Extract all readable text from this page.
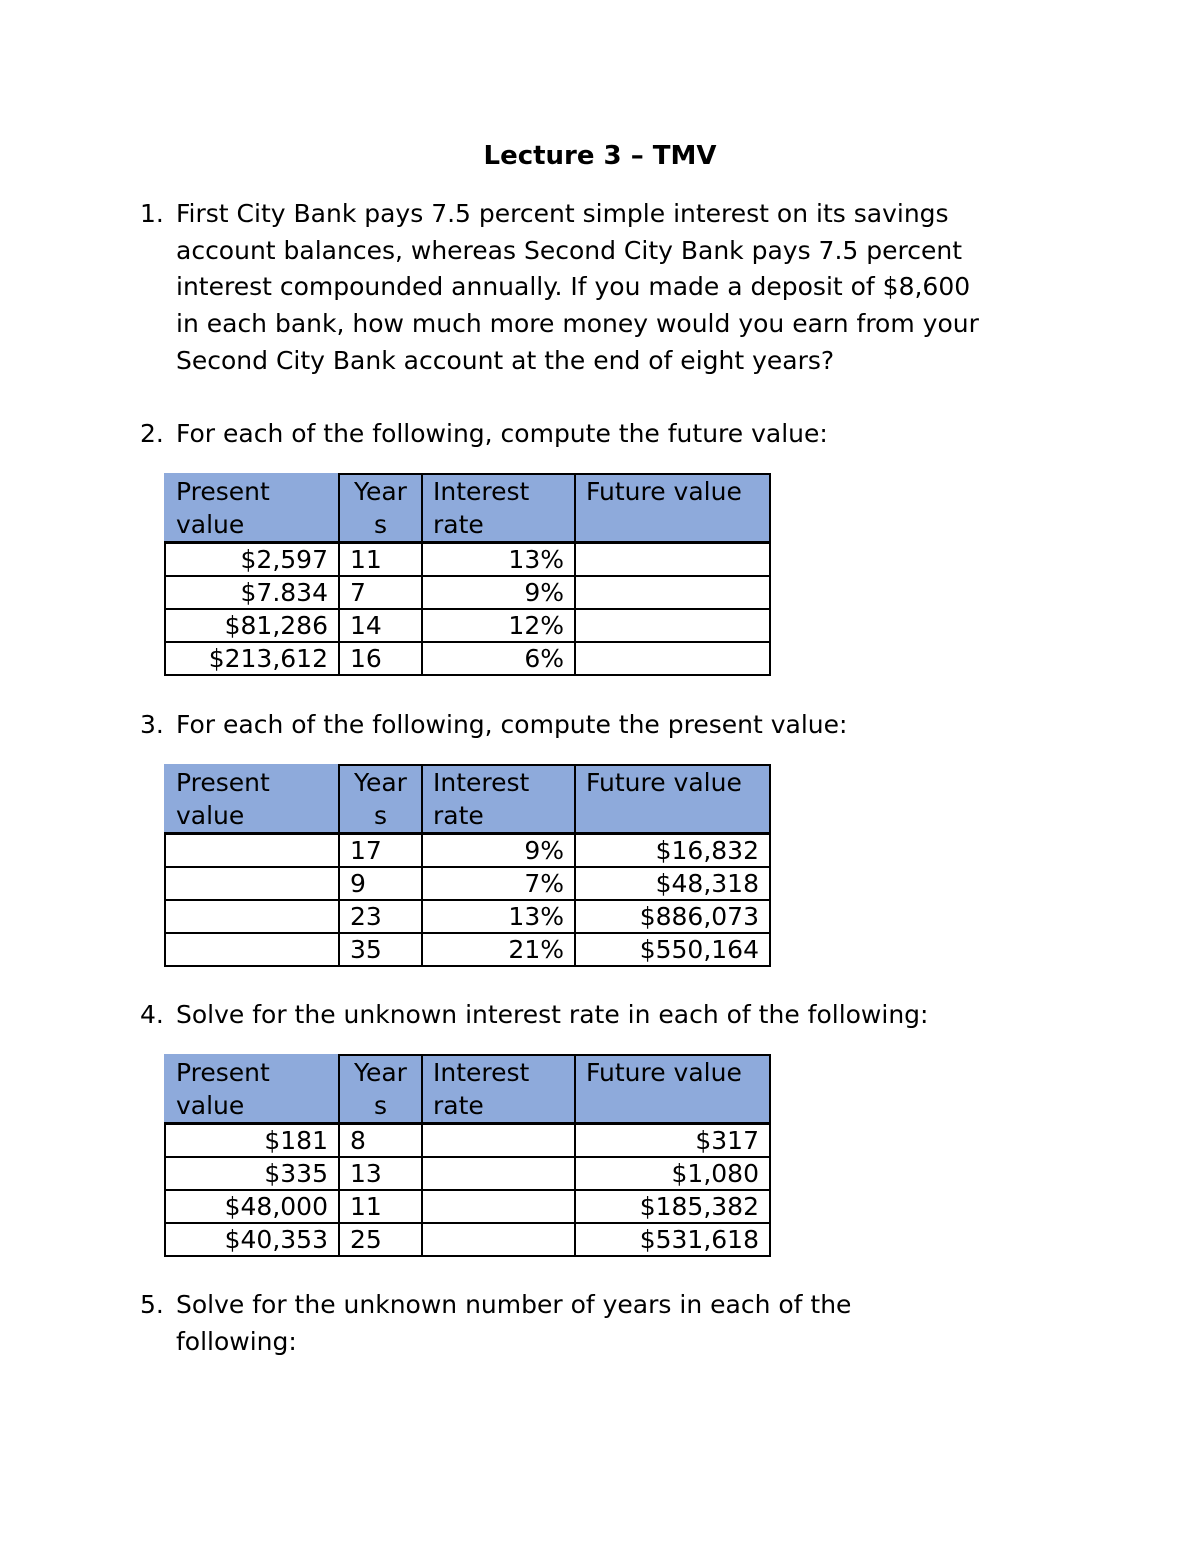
Lecture 3 – TMV
1. First City Bank pays 7.5 percent simple interest on its savings
account balances, whereas Second City Bank pays 7.5 percent
interest compounded annually. If you made a deposit of $8,600
in each bank, how much more money would you earn from your
Second City Bank account at the end of eight years?
2. For each of the following, compute the future value:
Present value	Years	Interest rate	Future value
$2,597	11	13%	
$7.834	7	9%	
$81,286	14	12%	
$213,612	16	6%	
3. For each of the following, compute the present value:
Present value	Years	Interest rate	Future value
	17	9%	$16,832
	9	7%	$48,318
	23	13%	$886,073
	35	21%	$550,164
4. Solve for the unknown interest rate in each of the following:
Present value	Years	Interest rate	Future value
$181	8		$317
$335	13		$1,080
$48,000	11		$185,382
$40,353	25		$531,618
5. Solve for the unknown number of years in each of the
following:
